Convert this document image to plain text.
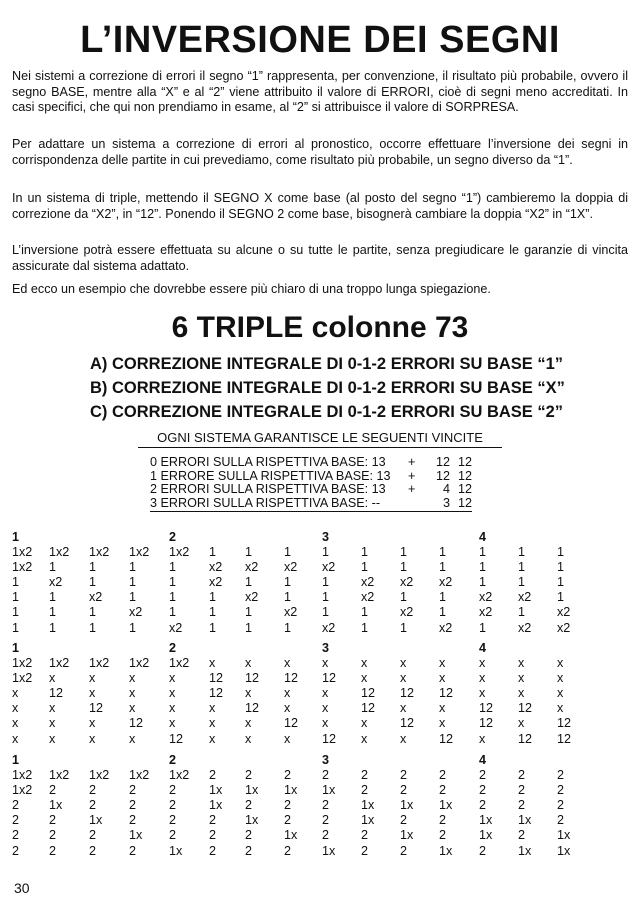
L’INVERSIONE DEI SEGNI
Nei sistemi a correzione di errori il segno “1” rappresenta, per convenzione, il risultato più probabile, ovvero il segno BASE, mentre alla “X” e al “2” viene attribuito il valore di ERRORI, cioè di segni meno accreditati. In casi specifici, che qui non prendiamo in esame, al “2” si attribuisce il valore di SORPRESA.
Per adattare un sistema a correzione di errori al pronostico, occorre effettuare l’inversione dei segni in corrispondenza delle partite in cui prevediamo, come risultato più probabile, un segno diverso da “1”.
In un sistema di triple, mettendo il SEGNO X come base (al posto del segno “1”) cambieremo la doppia di correzione da “X2”, in “12”. Ponendo il SEGNO 2 come base, bisognerà cambiare la doppia “X2” in “1X”.
L’inversione potrà essere effettuata su alcune o su tutte le partite, senza pregiudicare le garanzie di vincita assicurate dal sistema adattato.
Ed ecco un esempio che dovrebbe essere più chiaro di una troppo lunga spiegazione.
6 TRIPLE colonne 73
A) CORREZIONE INTEGRALE DI 0-1-2 ERRORI SU BASE “1”
B) CORREZIONE INTEGRALE DI 0-1-2 ERRORI SU BASE “X”
C) CORREZIONE INTEGRALE DI 0-1-2 ERRORI SU BASE “2”
OGNI SISTEMA GARANTISCE LE SEGUENTI VINCITE
0 ERRORI SULLA RISPETTIVA BASE: 13	+	12 12
1 ERRORE SULLA RISPETTIVA BASE: 13	+	12 12
2 ERRORI SULLA RISPETTIVA BASE: 13	+	4 12
3 ERRORI SULLA RISPETTIVA BASE: --	3 12
1	2	3	4
1x2 1x2 1x2 1x2 1x2 1 1	1 1	1	1	1	1	1	1
1x2 1	1	1	1	x2 x2 x2 x2 1	1	1	1	1	1
1 x2 1	1	1	x2 1	1 1	x2 x2 x2 1	1	1
1 1	x2 1	1	1 x2 1 1	x2 1	1	x2 x2 1
1 1	1	x2 1	1 1	x2 1	1	x2 1	x2 1	x2
1 1	1	1	x2 1 1	1 x2 1	1	x2 1	x2 x2
1	2	3	4
1x2 1x2 1x2 1x2 1x2 x x	x	x	x	x	x	x	x	x
1x2 x	x	x	x	12 12 12 12 x	x	x	x	x	x
x 12 x	x	x	12 x	x	x	12 12 12 x	x	x
x x	12 x	x	x 12 x	x	12 x	x	12 12 x
x x	x	12 x	x x	12 x	x	12 x	12 x	12
x x	x	x	12 x x	x	12 x	x	12 x	12 12
1	2	3	4
1x2 1x2 1x2 1x2 1x2 2 2	2 2	2	2	2	2	2	2
1x2 2	2	2	2	1x 1x 1x 1x 2	2	2	2	2	2
2 1x 2	2	2	1x 2	2 2	1x 1x 1x 2	2	2
2 2	1x 2	2	2 1x 2 2	1x 2	2	1x 1x 2
2 2	2	1x 2	2 2	1x 2	2	1x 2	1x 2	1x
2 2	2	2	1x 2 2	2 1x 2	2	1x 2	1x 1x
30
